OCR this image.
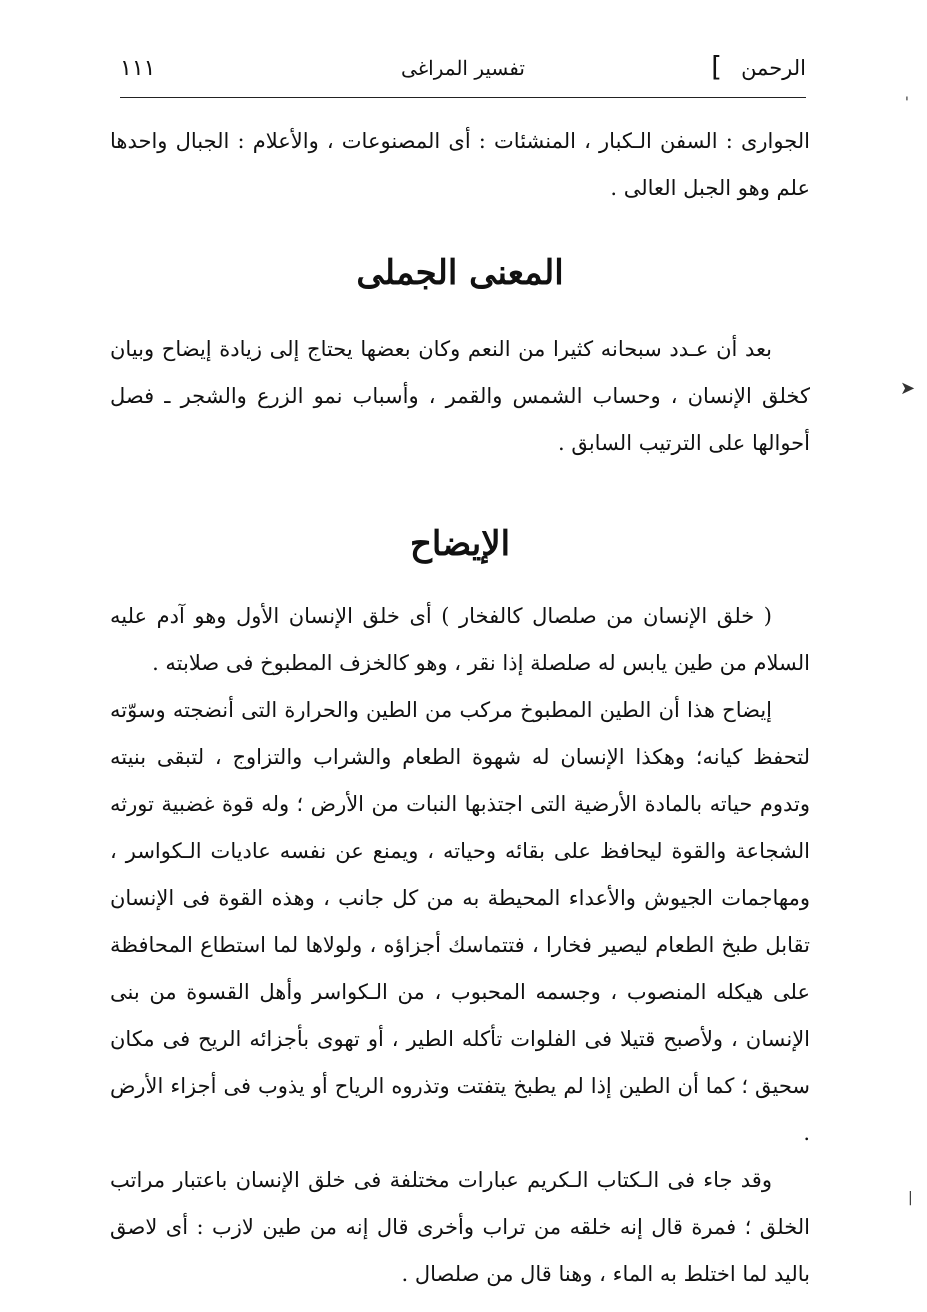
الرحمن
]
تفسير المراغى
١١١

الجوارى : السفن الـكبار ، المنشئات : أى المصنوعات ، والأعلام : الجبال واحدها علم وهو الجبل العالى .

المعنى الجملى

بعد أن عـدد سبحانه كثيرا من النعم وكان بعضها يحتاج إلى زيادة إيضاح وبيان كخلق الإنسان ، وحساب الشمس والقمر ، وأسباب نمو الزرع والشجر ـ فصل أحوالها على الترتيب السابق .

الإيضاح

( خلق الإنسان من صلصال كالفخار ) أى خلق الإنسان الأول وهو آدم عليه السلام من طين يابس له صلصلة إذا نقر ، وهو كالخزف المطبوخ فى صلابته .

إيضاح هذا أن الطين المطبوخ مركب من الطين والحرارة التى أنضجته وسوّته لتحفظ كيانه؛ وهكذا الإنسان له شهوة الطعام والشراب والتزاوج ، لتبقى بنيته وتدوم حياته بالمادة الأرضية التى اجتذبها النبات من الأرض ؛ وله قوة غضبية تورثه الشجاعة والقوة ليحافظ على بقائه وحياته ، ويمنع عن نفسه عاديات الـكواسر ، ومهاجمات الجيوش والأعداء المحيطة به من كل جانب ، وهذه القوة فى الإنسان تقابل طبخ الطعام ليصير فخارا ، فتتماسك أجزاؤه ، ولولاها لما استطاع المحافظة على هيكله المنصوب ، وجسمه المحبوب ، من الـكواسر وأهل القسوة من بنى الإنسان ، ولأصبح قتيلا فى الفلوات تأكله الطير ، أو تهوى بأجزائه الريح فى مكان سحيق ؛ كما أن الطين إذا لم يطبخ يتفتت وتذروه الرياح أو يذوب فى أجزاء الأرض .

وقد جاء فى الـكتاب الـكريم عبارات مختلفة فى خلق الإنسان باعتبار مراتب الخلق ؛ فمرة قال إنه خلقه من تراب وأخرى قال إنه من طين لازب : أى لاصق باليد لما اختلط به الماء ، وهنا قال من صلصال .

'
➤
|
